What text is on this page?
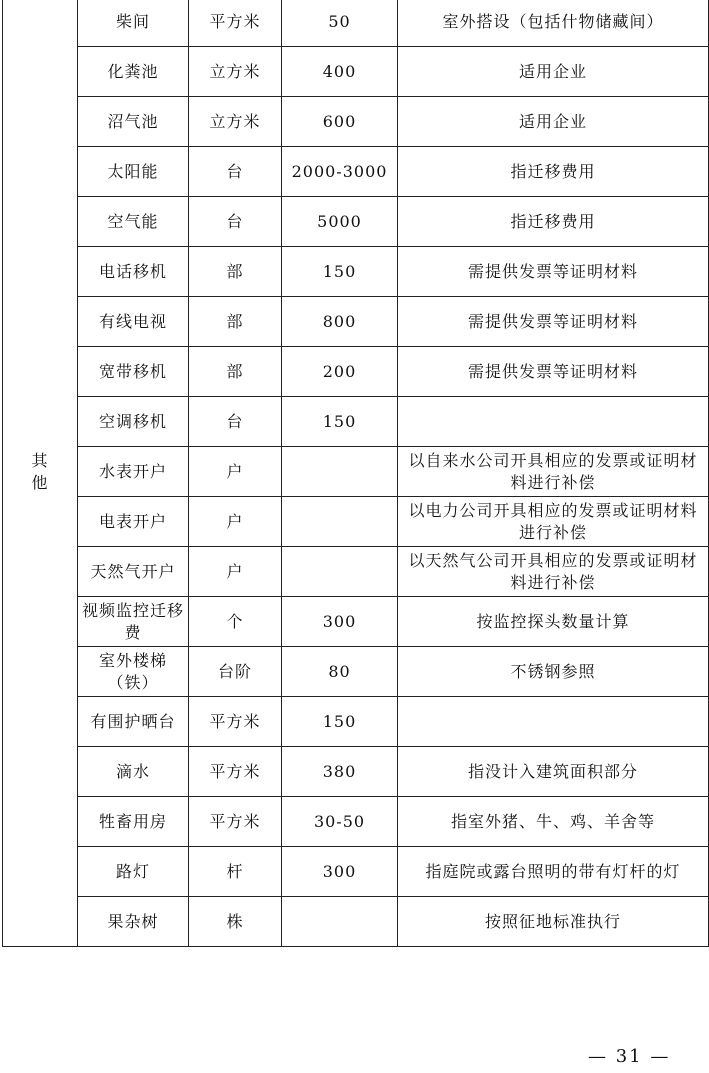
其
他	柴间	平方米	50	室外搭设（包括什物储藏间）
	化粪池	立方米	400	适用企业
	沼气池	立方米	600	适用企业
	太阳能	台	2000-3000	指迁移费用
	空气能	台	5000	指迁移费用
	电话移机	部	150	需提供发票等证明材料
	有线电视	部	800	需提供发票等证明材料
	宽带移机	部	200	需提供发票等证明材料
	空调移机	台	150	
	水表开户	户		以自来水公司开具相应的发票或证明材料进行补偿
	电表开户	户		以电力公司开具相应的发票或证明材料进行补偿
	天然气开户	户		以天然气公司开具相应的发票或证明材料进行补偿
	视频监控迁移费	个	300	按监控探头数量计算
	室外楼梯（铁）	台阶	80	不锈钢参照
	有围护晒台	平方米	150	
	滴水	平方米	380	指没计入建筑面积部分
	牲畜用房	平方米	30-50	指室外猪、牛、鸡、羊舍等
	路灯	杆	300	指庭院或露台照明的带有灯杆的灯
	果杂树	株		按照征地标准执行
— 31 —
